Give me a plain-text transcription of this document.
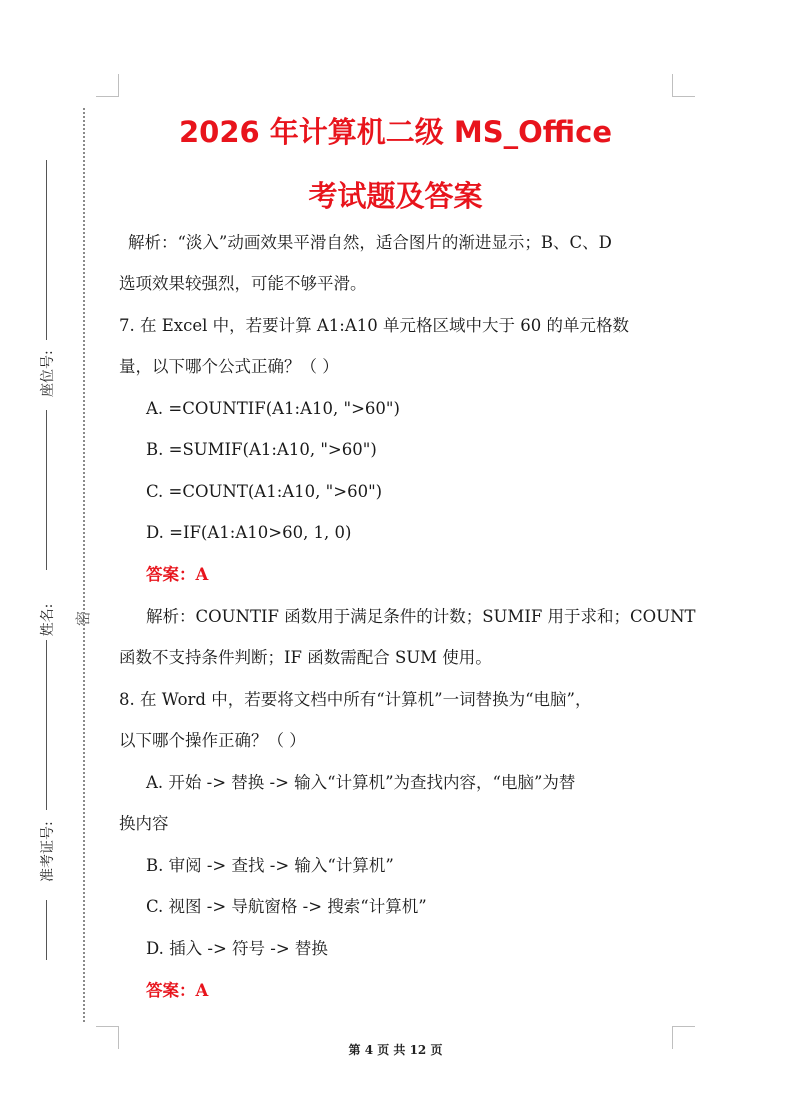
密
座位号:
姓名:
准考证号:
2026 年计算机二级 MS_Office
考试题及答案
解析：“淡入”动画效果平滑自然，适合图片的渐进显示；B、C、D
选项效果较强烈，可能不够平滑。
7. 在 Excel 中，若要计算 A1:A10 单元格区域中大于 60 的单元格数
量，以下哪个公式正确？（ ）
A. =COUNTIF(A1:A10, ">60")
B. =SUMIF(A1:A10, ">60")
C. =COUNT(A1:A10, ">60")
D. =IF(A1:A10>60, 1, 0)
答案：A
解析：COUNTIF 函数用于满足条件的计数；SUMIF 用于求和；COUNT
函数不支持条件判断；IF 函数需配合 SUM 使用。
8. 在 Word 中，若要将文档中所有“计算机”一词替换为“电脑”，
以下哪个操作正确？（ ）
A. 开始 -> 替换 -> 输入“计算机”为查找内容，“电脑”为替
换内容
B. 审阅 -> 查找 -> 输入“计算机”
C. 视图 -> 导航窗格 -> 搜索“计算机”
D. 插入 -> 符号 -> 替换
答案：A
第 4 页 共 12 页
